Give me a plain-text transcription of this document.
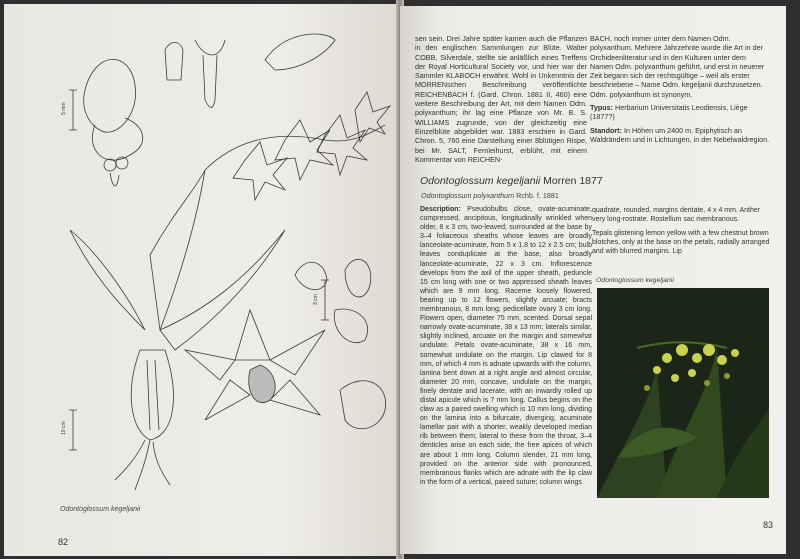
5 mm
10 cm
3 cm
Odontoglossum kegeljanii
82
sen sein. Drei Jahre später kamen auch die Pflanzen in den englischen Sammlungen zur Blüte. Walter COBB, Silverdale, stellte sie anläßlich eines Treffens der Royal Horticultural Society vor, und hier war der Sammler KLABOCH erwähnt. Wohl in Unkenntnis der MORRENschen Beschreibung veröffentlichte REICHENBACH f. (Gard. Chron. 1881 II, 460) eine weitere Beschreibung der Art, mit dem Namen Odm. polyxanthum; ihr lag eine Pflanze von Mr. B. S. WILLIAMS zugrunde, von der gleichzeitig eine Einzelblüte abgebildet war. 1883 erschien in Gard. Chron. 5, 760 eine Darstellung einer 8blütigen Rispe, bei Mr. SALT, Fernleihurst, erblüht, mit einem Kommentar von REICHEN-

BACH, noch immer unter dem Namen Odm. polyxanthum. Mehrere Jahrzehnte wurde die Art in der Orchideenliteratur und in den Kulturen unter dem Namen Odm. polyxanthum geführt, und erst in neuerer Zeit begann sich der rechtsgültige – weil als erster beschriebene – Name Odm. kegeljanii durchzusetzen. Odm. polyxanthum ist synonym.

Typus: Herbarium Universitatis Leodiensis, Liège (1877?)

Standort: In Höhen um 2400 m. Epiphytisch an Waldrändern und in Lichtungen, in der Nebelwaldregion.

Odontoglossum kegeljanii Morren 1877
Odontoglossum polyxanthum Rchb. f. 1881
Description: Pseudobulbs close, ovate-acuminate, compressed, ancipitous, longitudinally wrinkled when older, 8 x 3 cm, two-leaved; surrounded at the base by 3–4 foliaceous sheaths whose leaves are broadly lanceolate-acuminate, from 5 x 1.8 to 12 x 2.5 cm; bulb leaves conduplicate at the base, also broadly lanceolate-acuminate, 22 x 3 cm. Inflorescence develops from the axil of the upper sheath, peduncle 15 cm long with one or two appressed sheath leaves which are 9 mm long. Raceme loosely flowered, bearing up to 12 flowers, slightly arcuate; bracts membranous, 8 mm long; pedicellate ovary 3 cm long. Flowers open, diameter 75 mm, scented. Dorsal sepal narrowly ovate-acuminate, 38 x 13 mm; laterals similar, slightly inclined, arcuate on the margin and somewhat undulate. Petals ovate-acuminate, 38 x 16 mm, somewhat undulate on the margin. Lip clawed for 8 mm, of which 4 mm is adnate upwards with the column, lamina bent down at a right angle and almost circular, diameter 20 mm, concave, undulate on the margin, finely dentate and lacerate, with an inwardly rolled up distal apicule which is 7 mm long. Callus begins on the claw as a paired swelling which is 10 mm long, dividing on the lamina into a bifurcate, diverging, acuminate lamellar pair with a shorter, weakly developed median rib between them; lateral to these from the throat, 3–4 denticles arise on each side, the free apices of which are about 1 mm long. Column slender, 21 mm long, provided on the anterior side with pronounced, membranous flanks which are adnate with the lip claw in the form of a vertical, paired suture; column wings

quadrate, rounded, margins dentate, 4 x 4 mm. Anther very long-rostrate. Rostellum sac membranous.

Tepals glistening lemon yellow with a few chestnut brown blotches, only at the base on the petals, radially arranged and with blurred margins. Lip

Odontoglossum kegeljanii
83
